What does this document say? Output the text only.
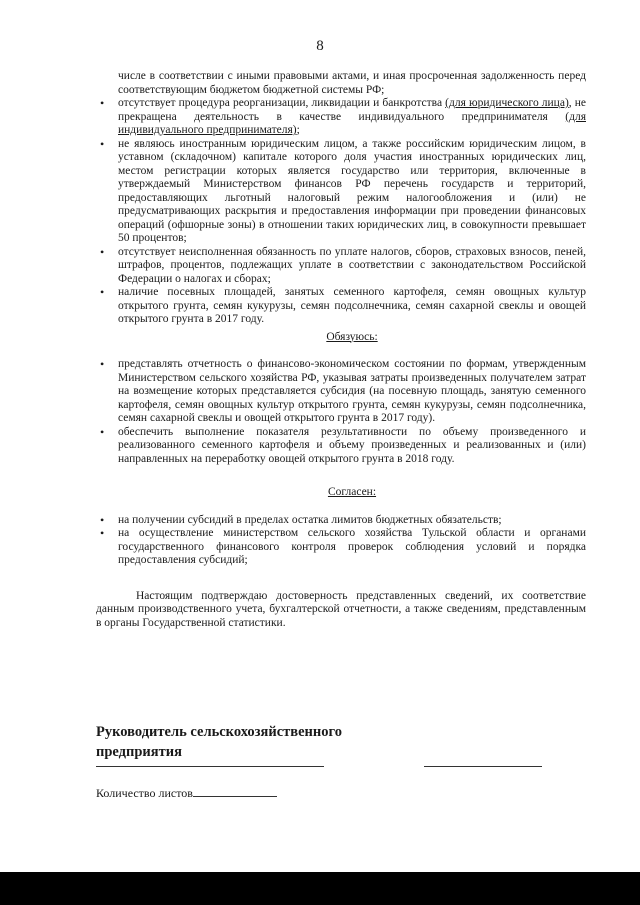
8

числе в соответствии с иными правовыми актами, и иная просроченная задолженность перед соответствующим бюджетом бюджетной системы РФ;

• отсутствует процедура реорганизации, ликвидации и банкротства (для юридического лица), не прекращена деятельность в качестве индивидуального предпринимателя (для индивидуального предпринимателя);
• не являюсь иностранным юридическим лицом, а также российским юридическим лицом, в уставном (складочном) капитале которого доля участия иностранных юридических лиц, местом регистрации которых является государство или территория, включенные в утверждаемый Министерством финансов РФ перечень государств и территорий, предоставляющих льготный налоговый режим налогообложения и (или) не предусматривающих раскрытия и предоставления информации при проведении финансовых операций (офшорные зоны) в отношении таких юридических лиц, в совокупности превышает 50 процентов;
• отсутствует неисполненная обязанность по уплате налогов, сборов, страховых взносов, пеней, штрафов, процентов, подлежащих уплате в соответствии с законодательством Российской Федерации о налогах и сборах;
• наличие посевных площадей, занятых семенного картофеля, семян овощных культур открытого грунта, семян кукурузы, семян подсолнечника, семян сахарной свеклы и овощей открытого грунта в 2017 году.
Обязуюсь:
• представлять отчетность о финансово-экономическом состоянии по формам, утвержденным Министерством сельского хозяйства РФ, указывая затраты произведенных получателем затрат на возмещение которых представляется субсидия (на посевную площадь, занятую семенного картофеля, семян овощных культур открытого грунта, семян кукурузы, семян подсолнечника, семян сахарной свеклы и овощей открытого грунта в 2017 году).
• обеспечить выполнение показателя результативности по объему произведенного и реализованного семенного картофеля и объему произведенных и реализованных и (или) направленных на переработку овощей открытого грунта в 2018 году.
Согласен:
• на получении субсидий в пределах остатка лимитов бюджетных обязательств;
• на осуществление министерством сельского хозяйства Тульской области и органами государственного финансового контроля проверок соблюдения условий и порядка предоставления субсидий;

Настоящим подтверждаю достоверность представленных сведений, их соответствие данным производственного учета, бухгалтерской отчетности, а также сведениям, представленным в органы Государственной статистики.

Руководитель сельскохозяйственного
предприятия
Количество листов
